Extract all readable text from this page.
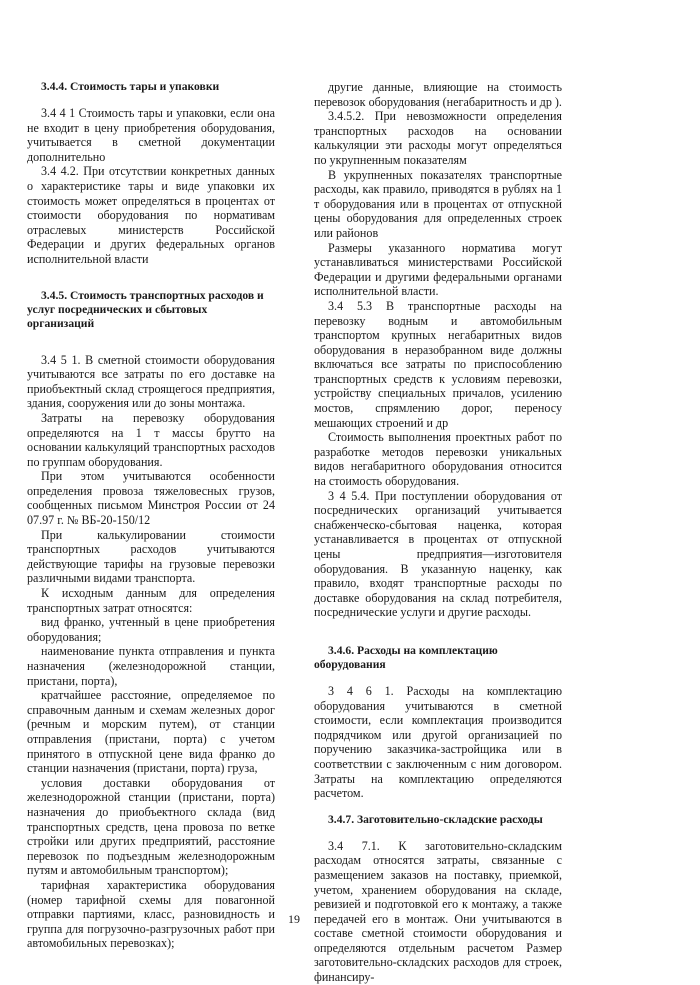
3.4.4. Стоимость тары и упаковки

3.4 4 1 Стоимость тары и упаковки, если она не входит в цену приобретения оборудования, учитывается в сметной документации дополнительно

3.4 4.2. При отсутствии конкретных данных о характеристике тары и виде упаковки их стоимость может определяться в процентах от стоимости оборудования по нормативам отраслевых министерств Российской Федерации и других федеральных органов исполнительной власти

3.4.5. Стоимость транспортных расходов и услуг посреднических и сбытовых организаций

3.4 5 1. В сметной стоимости оборудования учитываются все затраты по его доставке на приобъектный склад строящегося предприятия, здания, сооружения или до зоны монтажа.

Затраты на перевозку оборудования определяются на 1 т массы брутто на основании калькуляций транспортных расходов по группам оборудования.

При этом учитываются особенности определения провоза тяжеловесных грузов, сообщенных письмом Минстроя России от 24 07.97 г. № ВБ-20-150/12

При калькулировании стоимости транспортных расходов учитываются действующие тарифы на грузовые перевозки различными видами транспорта.

К исходным данным для определения транспортных затрат относятся:

вид франко, учтенный в цене приобретения оборудования;

наименование пункта отправления и пункта назначения (железнодорожной станции, пристани, порта),

кратчайшее расстояние, определяемое по справочным данным и схемам железных дорог (речным и морским путем), от станции отправления (пристани, порта) с учетом принятого в отпускной цене вида франко до станции назначения (пристани, порта) груза,

условия доставки оборудования от железнодорожной станции (пристани, порта) назначения до приобъектного склада (вид транспортных средств, цена провоза по ветке стройки или других предприятий, расстояние перевозок по подъездным железнодорожным путям и автомобильным транспортом);

тарифная характеристика оборудования (номер тарифной схемы для повагонной отправки партиями, класс, разновидность и группа для погрузочно-разгрузочных работ при автомобильных перевозках);

другие данные, влияющие на стоимость перевозок оборудования (негабаритность и др ).

3.4.5.2. При невозможности определения транспортных расходов на основании калькуляции эти расходы могут определяться по укрупненным показателям

В укрупненных показателях транспортные расходы, как правило, приводятся в рублях на 1 т оборудования или в процентах от отпускной цены оборудования для определенных строек или районов

Размеры указанного норматива могут устанавливаться министерствами Российской Федерации и другими федеральными органами исполнительной власти.

3.4 5.3 В транспортные расходы на перевозку водным и автомобильным транспортом крупных негабаритных видов оборудования в неразобранном виде должны включаться все затраты по приспособлению транспортных средств к условиям перевозки, устройству специальных причалов, усилению мостов, спрямлению дорог, переносу мешающих строений и др

Стоимость выполнения проектных работ по разработке методов перевозки уникальных видов негабаритного оборудования относится на стоимость оборудования.

3 4 5.4. При поступлении оборудования от посреднических организаций учитывается снабженческо-сбытовая наценка, которая устанавливается в процентах от отпускной цены предприятия—изготовителя оборудования. В указанную наценку, как правило, входят транспортные расходы по доставке оборудования на склад потребителя, посреднические услуги и другие расходы.

3.4.6. Расходы на комплектацию оборудования

3 4 6 1. Расходы на комплектацию оборудования учитываются в сметной стоимости, если комплектация производится подрядчиком или другой организацией по поручению заказчика-застройщика или в соответствии с заключенным с ним договором. Затраты на комплектацию определяются расчетом.

3.4.7. Заготовительно-складские расходы

3.4 7.1. К заготовительно-складским расходам относятся затраты, связанные с размещением заказов на поставку, приемкой, учетом, хранением оборудования на складе, ревизией и подготовкой его к монтажу, а также передачей его в монтаж. Они учитываются в составе сметной стоимости оборудования и определяются отдельным расчетом Размер заготовительно-складских расходов для строек, финансиру-

19
